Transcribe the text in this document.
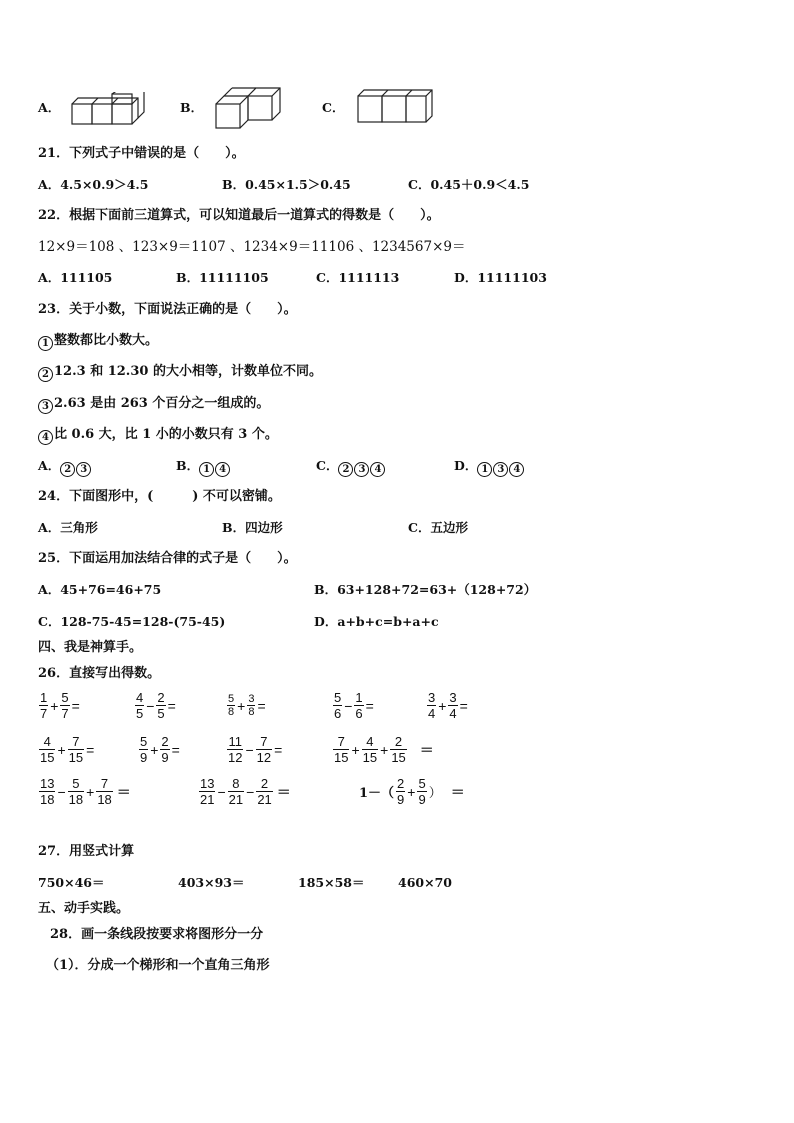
A．	B．	C．
21．下列式子中错误的是（　　）。
A．4.5×0.9＞4.5	B．0.45×1.5＞0.45	C．0.45＋0.9＜4.5
22．根据下面前三道算式，可以知道最后一道算式的得数是（　　）。
12×9＝108 、123×9＝1107 、1234×9＝11106 、1234567×9＝
A．111105	B．11111105	C．1111113	D．11111103
23．关于小数，下面说法正确的是（　　）。
1 整数都比小数大。
2 12.3 和 12.30 的大小相等，计数单位不同。
3 2.63 是由 263 个百分之一组成的。
4 比 0.6 大，比 1 小的小数只有 3 个。
A． 2 3	B． 1 4	C． 2 3 4	D． 1 3 4
24．下面图形中，(　　　) 不可以密铺。
A．三角形	B．四边形	C．五边形
25．下面运用加法结合律的式子是（　　）。
A．45+76=46+75	B．63+128+72=63+（128+72）
C．128-75-45=128-(75-45)	D．a+b+c=b+a+c
四、我是神算手。
26．直接写出得数。
$\frac{1}{7} + \frac{5}{7}$ =	$\frac{4}{5} - \frac{2}{5}$ =	$\frac{5}{8} + \frac{3}{8}$ =	$\frac{5}{6} - \frac{1}{6}$ =	$\frac{3}{4} + \frac{3}{4}$ =
$\frac{4}{15} + \frac{7}{15}$ =	$\frac{5}{9} + \frac{2}{9}$ =	$\frac{11}{12} - \frac{7}{12}$ =	$\frac{7}{15} + \frac{4}{15} + \frac{2}{15}$ ＝
$\frac{13}{18} - \frac{5}{18} + \frac{7}{18}$ ＝	$\frac{13}{21} - \frac{8}{21} - \frac{2}{21}$ ＝	$1-( \frac{2}{9} + \frac{5}{9}$ ） ＝
27．用竖式计算
750×46＝	403×93＝	185×58＝	460×70
五、动手实践。
28．画一条线段按要求将图形分一分
（1）．分成一个梯形和一个直角三角形
